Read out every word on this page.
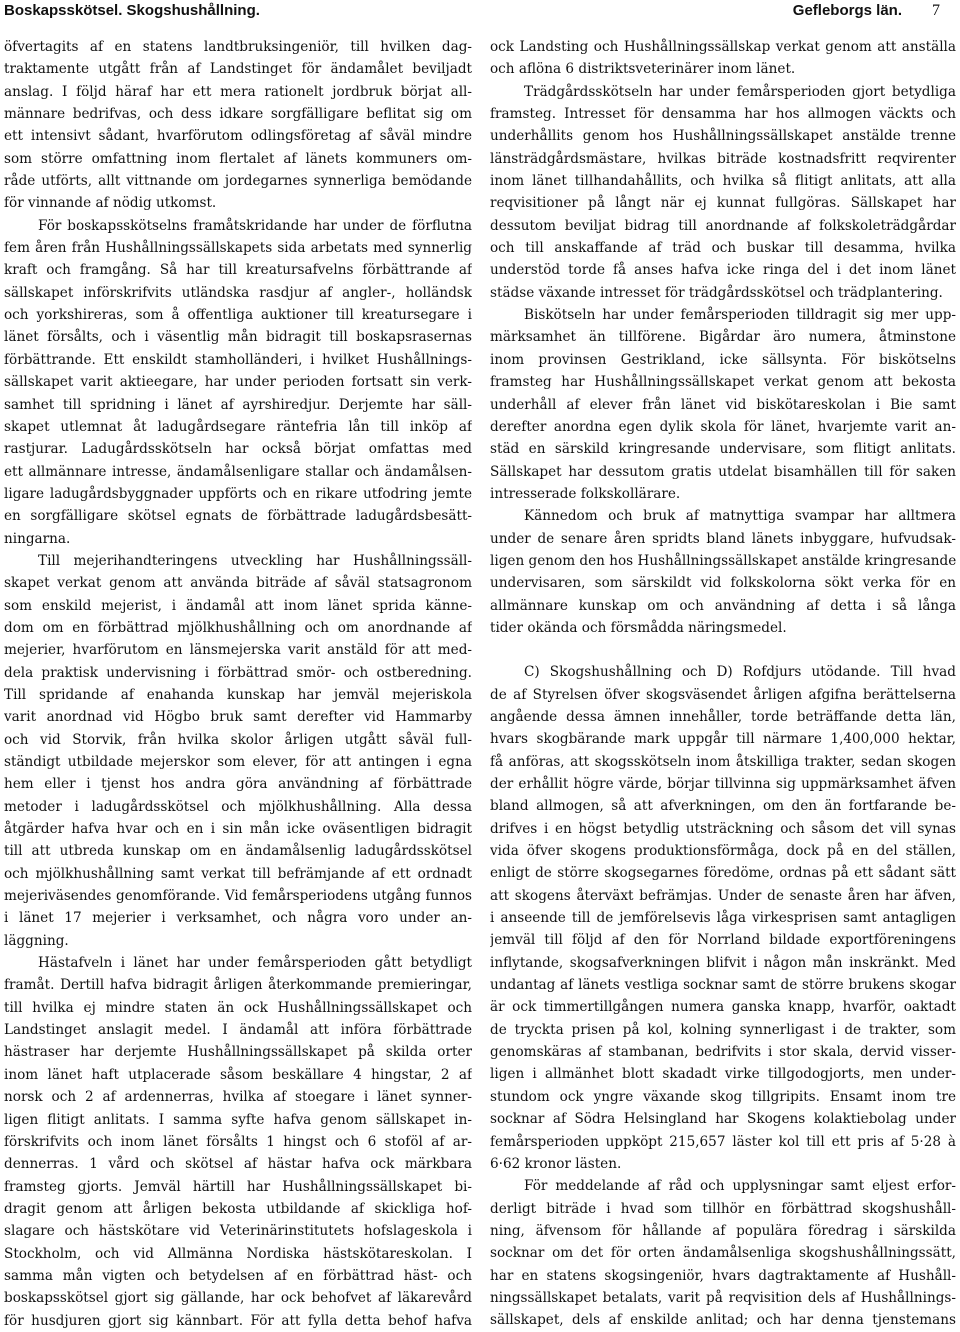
Boskapsskötsel. Skogshushållning.	Gefleborgs län. 7
öfvertagits af en statens landtbruksingeniör, till hvilken dag-
traktamente utgått från af Landstinget för ändamålet beviljadt
anslag. I följd häraf har ett mera rationelt jordbruk börjat all-
männare bedrifvas, och dess idkare sorgfälligare beflitat sig om
ett intensivt sådant, hvarförutom odlingsföretag af såväl mindre
som större omfattning inom flertalet af länets kommuners om-
råde utförts, allt vittnande om jordegarnes synnerliga bemödande
för vinnande af nödig utkomst.
För boskapsskötselns framåtskridande har under de förflutna
fem åren från Hushållningssällskapets sida arbetats med synnerlig
kraft och framgång. Så har till kreatursafvelns förbättrande af
sällskapet införskrifvits utländska rasdjur af angler-, holländsk
och yorkshireras, som å offentliga auktioner till kreatursegare i
länet försålts, och i väsentlig mån bidragit till boskapsrasernas
förbättrande. Ett enskildt stamholländeri, i hvilket Hushållnings-
sällskapet varit aktieegare, har under perioden fortsatt sin verk-
samhet till spridning i länet af ayrshiredjur. Derjemte har säll-
skapet utlemnat åt ladugårdsegare räntefria lån till inköp af
rastjurar. Ladugårdsskötseln har också börjat omfattas med
ett allmännare intresse, ändamålsenligare stallar och ändamålsen-
ligare ladugårdsbyggnader uppförts och en rikare utfodring jemte
en sorgfälligare skötsel egnats de förbättrade ladugårdsbesätt-
ningarna.
Till mejerihandteringens utveckling har Hushållningssäll-
skapet verkat genom att använda biträde af såväl statsagronom
som enskild mejerist, i ändamål att inom länet sprida känne-
dom om en förbättrad mjölkhushållning och om anordnande af
mejerier, hvarförutom en länsmejerska varit anstäld för att med-
dela praktisk undervisning i förbättrad smör- och ostberedning.
Till spridande af enahanda kunskap har jemväl mejeriskola
varit anordnad vid Högbo bruk samt derefter vid Hammarby
och vid Storvik, från hvilka skolor årligen utgått såväl full-
ständigt utbildade mejerskor som elever, för att antingen i egna
hem eller i tjenst hos andra göra användning af förbättrade
metoder i ladugårdsskötsel och mjölkhushållning. Alla dessa
åtgärder hafva hvar och en i sin mån icke oväsentligen bidragit
till att utbreda kunskap om en ändamålsenlig ladugårdsskötsel
och mjölkhushållning samt verkat till befrämjande af ett ordnadt
mejeriväsendes genomförande. Vid femårsperiodens utgång funnos
i länet 17 mejerier i verksamhet, och några voro under an-
läggning.
Hästafveln i länet har under femårsperioden gått betydligt
framåt. Dertill hafva bidragit årligen återkommande premieringar,
till hvilka ej mindre staten än ock Hushållningssällskapet och
Landstinget anslagit medel. I ändamål att införa förbättrade
hästraser har derjemte Hushållningssällskapet på skilda orter
inom länet haft utplacerade såsom beskällare 4 hingstar, 2 af
norsk och 2 af ardennerras, hvilka af stoegare i länet synner-
ligen flitigt anlitats. I samma syfte hafva genom sällskapet in-
förskrifvits och inom länet försålts 1 hingst och 6 stoföl af ar-
dennerras. 1 vård och skötsel af hästar hafva ock märkbara
framsteg gjorts. Jemväl härtill har Hushållningssällskapet bi-
dragit genom att årligen bekosta utbildande af skickliga hof-
slagare och hästskötare vid Veterinärinstitutets hofslageskola i
Stockholm, och vid Allmänna Nordiska hästskötareskolan. I
samma mån vigten och betydelsen af en förbättrad häst- och
boskapsskötsel gjort sig gällande, har ock behofvet af läkarevård
för husdjuren gjort sig kännbart. För att fylla detta behof hafva
ock Landsting och Hushållningssällskap verkat genom att anställa
och aflöna 6 distriktsveterinärer inom länet.
Trädgårdsskötseln har under femårsperioden gjort betydliga
framsteg. Intresset för densamma har hos allmogen väckts och
underhållits genom hos Hushållningssällskapet anstälde trenne
länsträdgårdsmästare, hvilkas biträde kostnadsfritt reqvirenter
inom länet tillhandahållits, och hvilka så flitigt anlitats, att alla
reqvisitioner på långt när ej kunnat fullgöras. Sällskapet har
dessutom beviljat bidrag till anordnande af folkskoleträdgårdar
och till anskaffande af träd och buskar till desamma, hvilka
understöd torde få anses hafva icke ringa del i det inom länet
städse växande intresset för trädgårdsskötsel och trädplantering.
Biskötseln har under femårsperioden tilldragit sig mer upp-
märksamhet än tillförene. Bigårdar äro numera, åtminstone
inom provinsen Gestrikland, icke sällsynta. För biskötselns
framsteg har Hushållningssällskapet verkat genom att bekosta
underhåll af elever från länet vid biskötareskolan i Bie samt
derefter anordna egen dylik skola för länet, hvarjemte varit an-
städ en särskild kringresande undervisare, som flitigt anlitats.
Sällskapet har dessutom gratis utdelat bisamhällen till för saken
intresserade folkskollärare.
Kännedom och bruk af matnyttiga svampar har alltmera
under de senare åren spridts bland länets inbyggare, hufvudsak-
ligen genom den hos Hushållningssällskapet anstälde kringresande
undervisaren, som särskildt vid folkskolorna sökt verka för en
allmännare kunskap om och användning af detta i så långa
tider okända och försmådda näringsmedel.
C) Skogshushållning och D) Rofdjurs utödande. Till hvad
de af Styrelsen öfver skogsväsendet årligen afgifna berättelserna
angående dessa ämnen innehåller, torde beträffande detta län,
hvars skogbärande mark uppgår till närmare 1,400,000 hektar,
få anföras, att skogsskötseln inom åtskilliga trakter, sedan skogen
der erhållit högre värde, börjar tillvinna sig uppmärksamhet äfven
bland allmogen, så att afverkningen, om den än fortfarande be-
drifves i en högst betydlig utsträckning och såsom det vill synas
vida öfver skogens produktionsförmåga, dock på en del ställen,
enligt de större skogsegarnes föredöme, ordnas på ett sådant sätt
att skogens återväxt befrämjas. Under de senaste åren har äfven,
i anseende till de jemförelsevis låga virkesprisen samt antagligen
jemväl till följd af den för Norrland bildade exportföreningens
inflytande, skogsafverkningen blifvit i någon mån inskränkt. Med
undantag af länets vestliga socknar samt de större brukens skogar
är ock timmertillgången numera ganska knapp, hvarför, oaktadt
de tryckta prisen på kol, kolning synnerligast i de trakter, som
genomskäras af stambanan, bedrifvits i stor skala, dervid visser-
ligen i allmänhet blott skadadt virke tillgodogjorts, men under-
stundom ock yngre växande skog tillgripits. Ensamt inom tre
socknar af Södra Helsingland har Skogens kolaktiebolag under
femårsperioden uppköpt 215,657 läster kol till ett pris af 5·28 à
6·62 kronor lästen.
För meddelande af råd och upplysningar samt eljest erfor-
derligt biträde i hvad som tillhör en förbättrad skogshushåll-
ning, äfvensom för hållande af populära föredrag i särskilda
socknar om det för orten ändamålsenliga skogshushållningssätt,
har en statens skogsingeniör, hvars dagtraktamente af Hushåll-
ningssällskapet betalats, varit på reqvisition dels af Hushållnings-
sällskapet, dels af enskilde anlitad; och har denna tjenstemans
